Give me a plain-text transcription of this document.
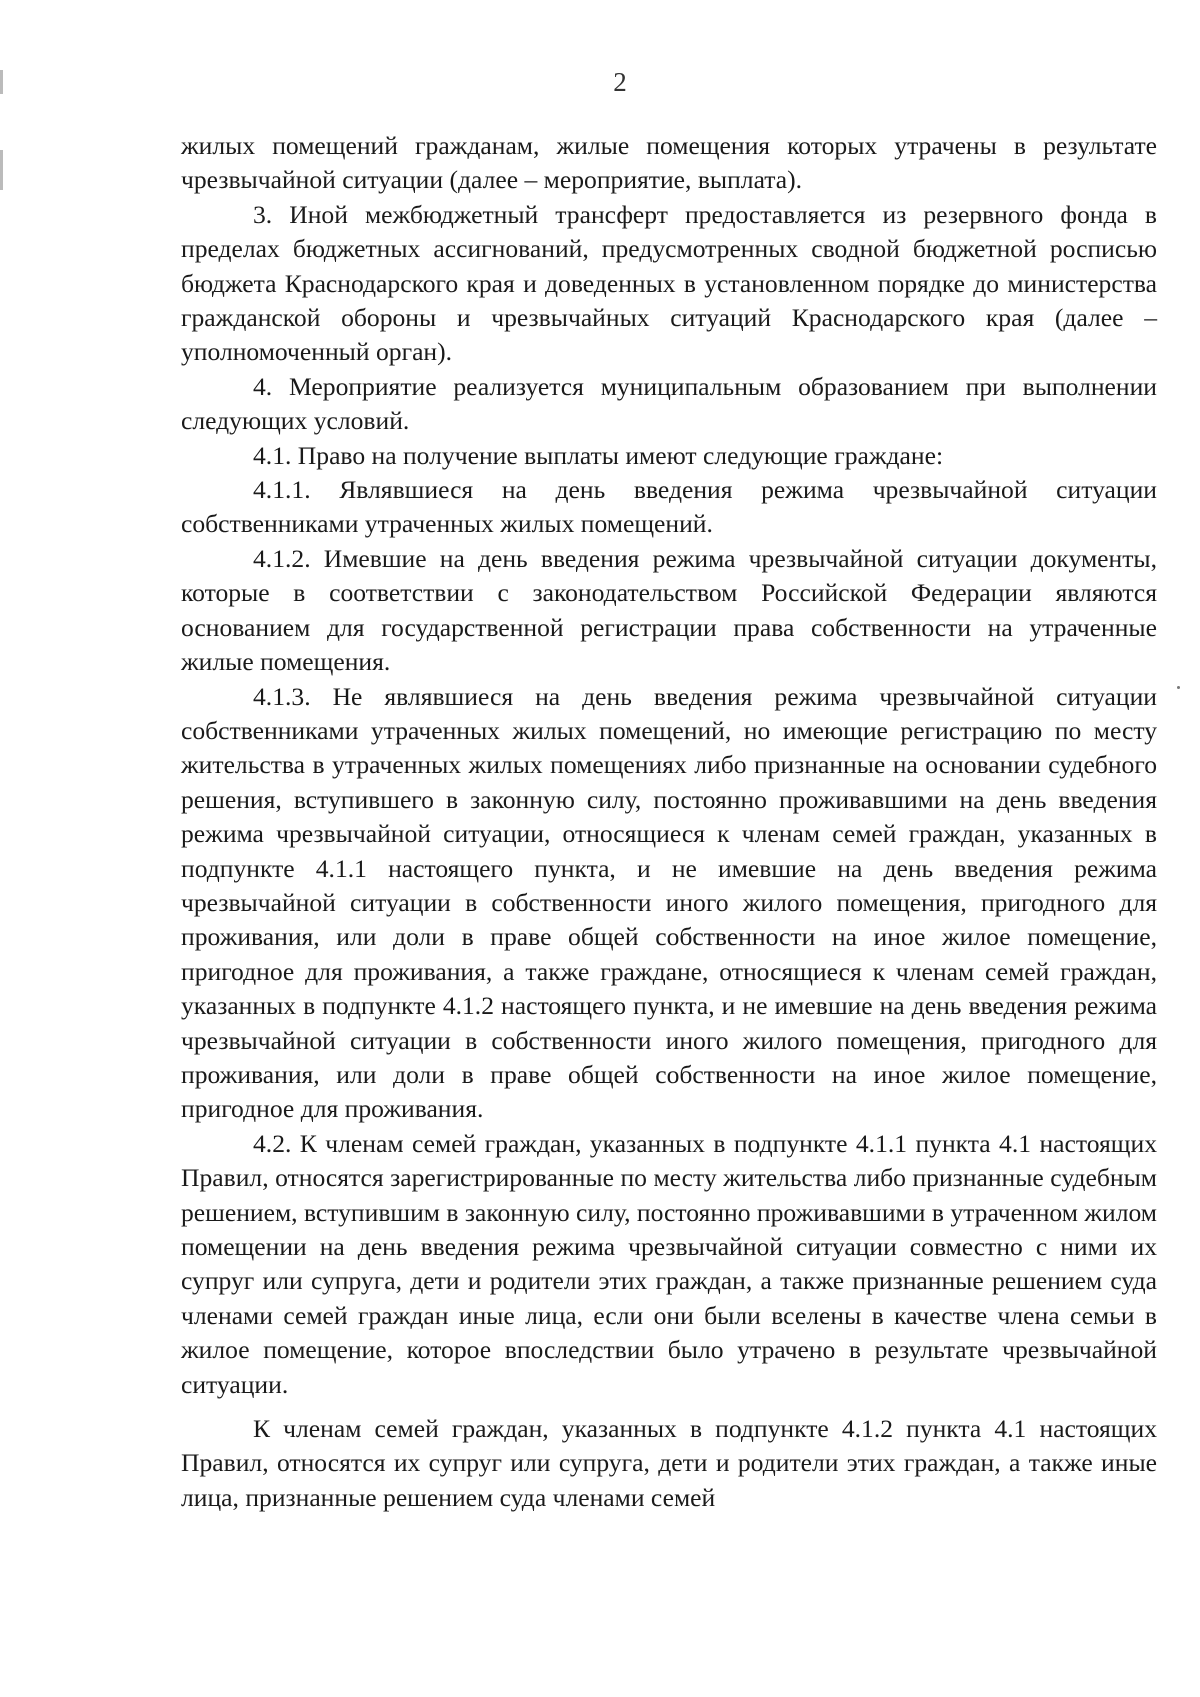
2

жилых помещений гражданам, жилые помещения которых утрачены в результате чрезвычайной ситуации (далее – мероприятие, выплата).

3. Иной межбюджетный трансферт предоставляется из резервного фонда в пределах бюджетных ассигнований, предусмотренных сводной бюджетной росписью бюджета Краснодарского края и доведенных в установленном порядке до министерства гражданской обороны и чрезвычайных ситуаций Краснодарского края (далее – уполномоченный орган).

4. Мероприятие реализуется муниципальным образованием при выполнении следующих условий.

4.1. Право на получение выплаты имеют следующие граждане:

4.1.1. Являвшиеся на день введения режима чрезвычайной ситуации собственниками утраченных жилых помещений.

4.1.2. Имевшие на день введения режима чрезвычайной ситуации документы, которые в соответствии с законодательством Российской Федерации являются основанием для государственной регистрации права собственности на утраченные жилые помещения.

4.1.3. Не являвшиеся на день введения режима чрезвычайной ситуации собственниками утраченных жилых помещений, но имеющие регистрацию по месту жительства в утраченных жилых помещениях либо признанные на основании судебного решения, вступившего в законную силу, постоянно проживавшими на день введения режима чрезвычайной ситуации, относящиеся к членам семей граждан, указанных в подпункте 4.1.1 настоящего пункта, и не имевшие на день введения режима чрезвычайной ситуации в собственности иного жилого помещения, пригодного для проживания, или доли в праве общей собственности на иное жилое помещение, пригодное для проживания, а также граждане, относящиеся к членам семей граждан, указанных в подпункте 4.1.2 настоящего пункта, и не имевшие на день введения режима чрезвычайной ситуации в собственности иного жилого помещения, пригодного для проживания, или доли в праве общей собственности на иное жилое помещение, пригодное для проживания.

4.2. К членам семей граждан, указанных в подпункте 4.1.1 пункта 4.1 настоящих Правил, относятся зарегистрированные по месту жительства либо признанные судебным решением, вступившим в законную силу, постоянно проживавшими в утраченном жилом помещении на день введения режима чрезвычайной ситуации совместно с ними их супруг или супруга, дети и родители этих граждан, а также признанные решением суда членами семей граждан иные лица, если они были вселены в качестве члена семьи в жилое помещение, которое впоследствии было утрачено в результате чрезвычайной ситуации.

К членам семей граждан, указанных в подпункте 4.1.2 пункта 4.1 настоящих Правил, относятся их супруг или супруга, дети и родители этих граждан, а также иные лица, признанные решением суда членами семей
